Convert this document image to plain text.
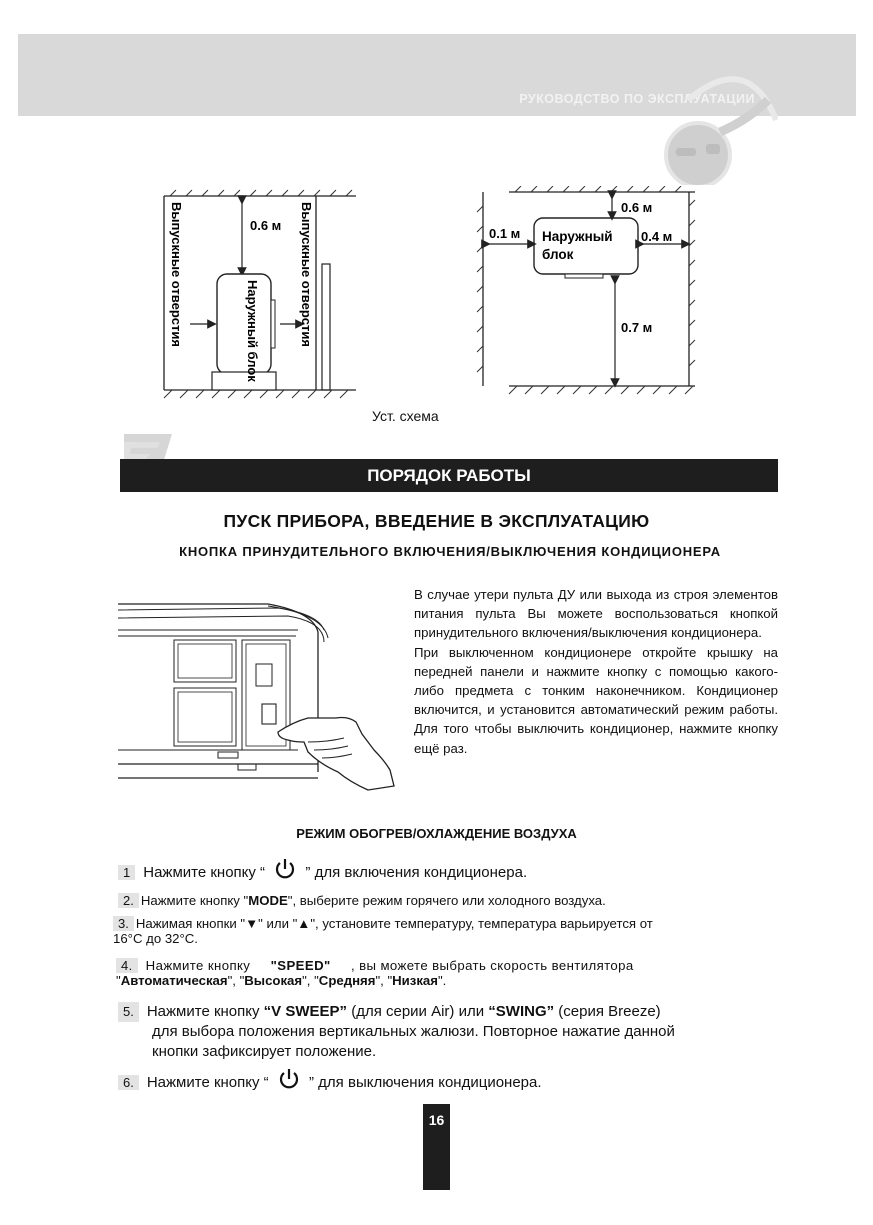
РУКОВОДСТВО ПО ЭКСПЛУАТАЦИИ
0.6 м
Наружный блок
Выпускные отверстия	Выпускные отверстия	Наружный
блок
0.6 м
0.1 м	0.4 м
0.7 м
Уст. схема
ПОРЯДОК РАБОТЫ
ПУСК ПРИБОРА, ВВЕДЕНИЕ В ЭКСПЛУАТАЦИЮ
КНОПКА ПРИНУДИТЕЛЬНОГО ВКЛЮЧЕНИЯ/ВЫКЛЮЧЕНИЯ КОНДИЦИОНЕРА
В случае утери пульта ДУ или выхода из строя элементов питания пульта Вы можете воспользоваться кнопкой принудительного включения/выключения кондиционера.
При выключенном кондиционере откройте крышку на передней панели и нажмите кнопку с помощью какого-либо предмета с тонким наконечником. Кондиционер включится, и установится автоматический режим работы. Для того чтобы выключить кондиционер, нажмите кнопку ещё раз.
РЕЖИМ ОБОГРЕВ/ОХЛАЖДЕНИЕ ВОЗДУХА
1 Нажмите кнопку “	” для включения кондиционера.
2. Нажмите кнопку "MODE", выберите режим горячего или холодного воздуха.
3. Нажимая кнопки "▼" или "▲", установите температуру, температура варьируется от
16°C до 32°C.
4. Нажмите кнопку "SPEED" , вы можете выбрать скорость вентилятора
"Автоматическая", "Высокая", "Средняя", "Низкая".
5. Нажмите кнопку “V SWEEP” (для серии Air) или “SWING” (серия Breeze)
для выбора положения вертикальных жалюзи. Повторное нажатие данной
кнопки зафиксирует положение.
6. Нажмите кнопку “	” для выключения кондиционера.
16
